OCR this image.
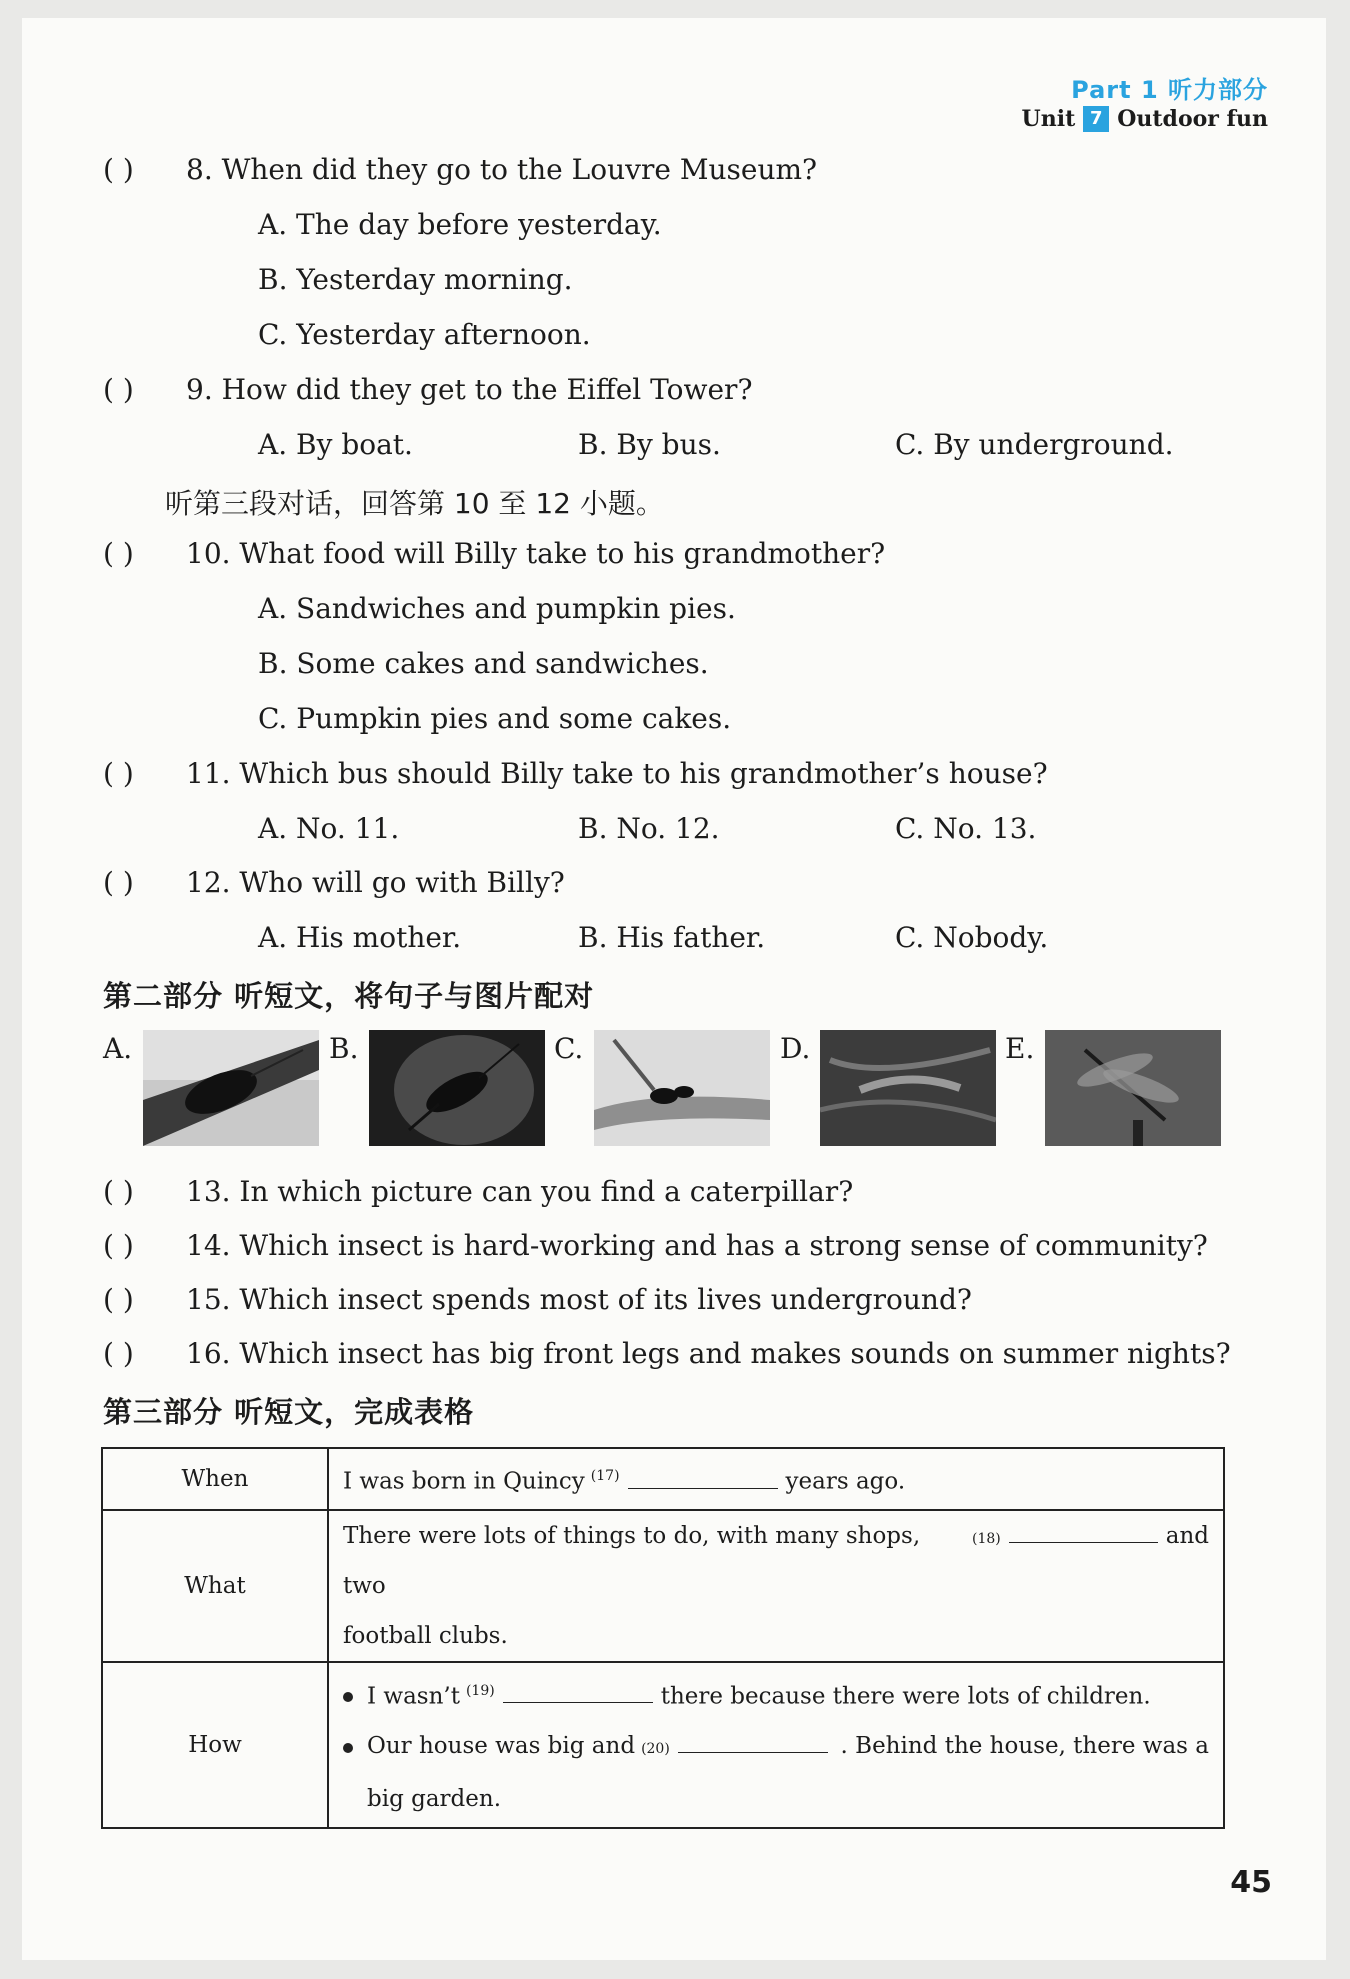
Part 1 听力部分
Unit 7 Outdoor fun
( ) 8. When did they go to the Louvre Museum?
A. The day before yesterday.
B. Yesterday morning.
C. Yesterday afternoon.
( ) 9. How did they get to the Eiffel Tower?
A. By boat.	B. By bus.	C. By underground.
听第三段对话，回答第 10 至 12 小题。
( ) 10. What food will Billy take to his grandmother?
A. Sandwiches and pumpkin pies.
B. Some cakes and sandwiches.
C. Pumpkin pies and some cakes.
( ) 11. Which bus should Billy take to his grandmother’s house?
A. No. 11.	B. No. 12.	C. No. 13.
( ) 12. Who will go with Billy?
A. His mother.	B. His father.	C. Nobody.
第二部分 听短文，将句子与图片配对
A.	B.	C.	D.	E.
( ) 13. In which picture can you find a caterpillar?
( ) 14. Which insect is hard-working and has a strong sense of community?
( ) 15. Which insect spends most of its lives underground?
( ) 16. Which insect has big front legs and makes sounds on summer nights?
第三部分 听短文，完成表格
When	I was born in Quincy $^{(17)}$ years ago.
What	There were lots of things to do, with many shops, two
(18) and
football clubs.

How	I wasn’t $^{(19)}$ there because there were lots of children.
Our house was big and (20) . Behind the house, there was a
big garden.
45
